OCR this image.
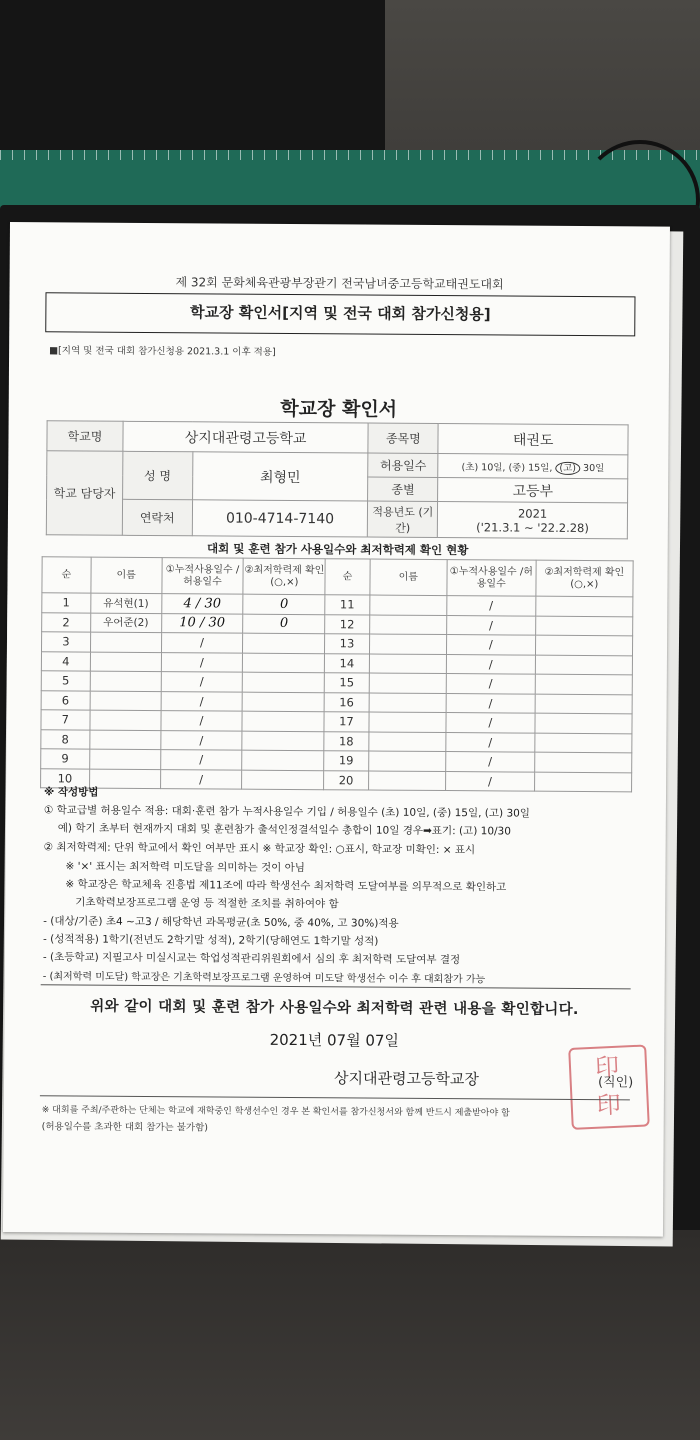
제 32회 문화체육관광부장관기 전국남녀중고등학교태권도대회
학교장 확인서[지역 및 전국 대회 참가신청용]
■[지역 및 전국 대회 참가신청용 2021.3.1 이후 적용]
학교장 확인서
학교명	상지대관령고등학교		종목명	태권도
학교 담당자	성 명	최형민	허용일수	(초) 10일, (중) 15일, (고) 30일
			종별	고등부
	연락처	010-4714-7140	적용년도 (기간)	2021
('21.3.1 ~ '22.2.28)
대회 및 훈련 참가 사용일수와 최저학력제 확인 현황
순	이름	①누적사용일수 /허용일수	②최저학력제 확인(○,×)	순	이름	①누적사용일수 /허용일수	②최저학력제 확인(○,×)
1	유석현(1)	4 / 30	0	11		/	
2	우어준(2)	10 / 30	0	12		/	
3		/		13		/	
4		/		14		/	
5		/		15		/	
6		/		16		/	
7		/		17		/	
8		/		18		/	
9		/		19		/	
10		/		20		/	
※ 작성방법
① 학교급별 허용일수 적용: 대회·훈련 참가 누적사용일수 기입 / 허용일수 (초) 10일, (중) 15일, (고) 30일
예) 학기 초부터 현재까지 대회 및 훈련참가 출석인정결석일수 총합이 10일 경우➡표기: (고) 10/30
② 최저학력제: 단위 학교에서 확인 여부만 표시 ※ 학교장 확인: ○표시, 학교장 미확인: × 표시
※ '×' 표시는 최저학력 미도달을 의미하는 것이 아님
※ 학교장은 학교체육 진흥법 제11조에 따라 학생선수 최저학력 도달여부를 의무적으로 확인하고
기초학력보장프로그램 운영 등 적절한 조치를 취하여야 함
- (대상/기준) 초4 ~고3 / 해당학년 과목평균(초 50%, 중 40%, 고 30%)적용
- (성적적용) 1학기(전년도 2학기말 성적), 2학기(당해연도 1학기말 성적)
- (초등학교) 지필고사 미실시교는 학업성적관리위원회에서 심의 후 최저학력 도달여부 결정
- (최저학력 미도달) 학교장은 기초학력보장프로그램 운영하여 미도달 학생선수 이수 후 대회참가 가능
위와 같이 대회 및 훈련 참가 사용일수와 최저학력 관련 내용을 확인합니다.
2021년 07월 07일
상지대관령고등학교장	印
印
(직인)
※ 대회를 주최/주관하는 단체는 학교에 재학중인 학생선수인 경우 본 확인서를 참가신청서와 함께 반드시 제출받아야 함
(허용일수를 초과한 대회 참가는 불가함)
